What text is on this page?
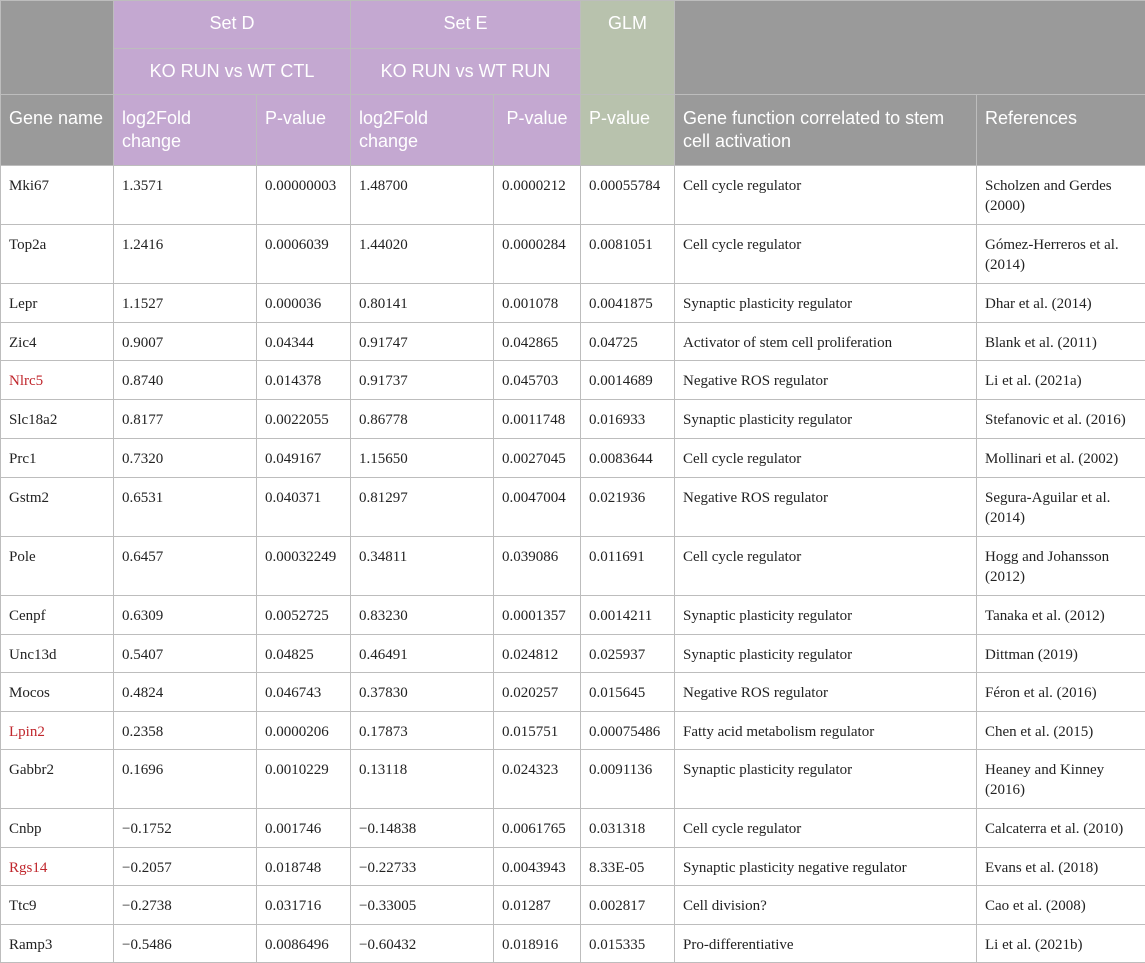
	Set D		Set E		GLM		
	KO RUN vs WT CTL		KO RUN vs WT RUN				
Gene name	log2Fold change	P-value	log2Fold change	P-value	P-value	Gene function correlated to stem cell activation	References
Mki67	1.3571	0.00000003	1.48700	0.0000212	0.00055784	Cell cycle regulator	Scholzen and Gerdes (2000)
Top2a	1.2416	0.0006039	1.44020	0.0000284	0.0081051	Cell cycle regulator	Gómez-Herreros et al. (2014)
Lepr	1.1527	0.000036	0.80141	0.001078	0.0041875	Synaptic plasticity regulator	Dhar et al. (2014)
Zic4	0.9007	0.04344	0.91747	0.042865	0.04725	Activator of stem cell proliferation	Blank et al. (2011)
Nlrc5	0.8740	0.014378	0.91737	0.045703	0.0014689	Negative ROS regulator	Li et al. (2021a)
Slc18a2	0.8177	0.0022055	0.86778	0.0011748	0.016933	Synaptic plasticity regulator	Stefanovic et al. (2016)
Prc1	0.7320	0.049167	1.15650	0.0027045	0.0083644	Cell cycle regulator	Mollinari et al. (2002)
Gstm2	0.6531	0.040371	0.81297	0.0047004	0.021936	Negative ROS regulator	Segura-Aguilar et al. (2014)
Pole	0.6457	0.00032249	0.34811	0.039086	0.011691	Cell cycle regulator	Hogg and Johansson (2012)
Cenpf	0.6309	0.0052725	0.83230	0.0001357	0.0014211	Synaptic plasticity regulator	Tanaka et al. (2012)
Unc13d	0.5407	0.04825	0.46491	0.024812	0.025937	Synaptic plasticity regulator	Dittman (2019)
Mocos	0.4824	0.046743	0.37830	0.020257	0.015645	Negative ROS regulator	Féron et al. (2016)
Lpin2	0.2358	0.0000206	0.17873	0.015751	0.00075486	Fatty acid metabolism regulator	Chen et al. (2015)
Gabbr2	0.1696	0.0010229	0.13118	0.024323	0.0091136	Synaptic plasticity regulator	Heaney and Kinney (2016)
Cnbp	−0.1752	0.001746	−0.14838	0.0061765	0.031318	Cell cycle regulator	Calcaterra et al. (2010)
Rgs14	−0.2057	0.018748	−0.22733	0.0043943	8.33E-05	Synaptic plasticity negative regulator	Evans et al. (2018)
Ttc9	−0.2738	0.031716	−0.33005	0.01287	0.002817	Cell division?	Cao et al. (2008)
Ramp3	−0.5486	0.0086496	−0.60432	0.018916	0.015335	Pro-differentiative	Li et al. (2021b)
